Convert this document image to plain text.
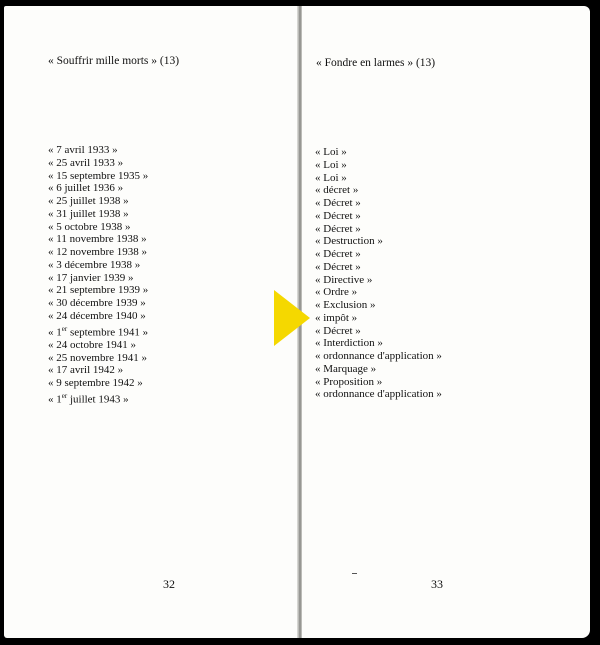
« Souffrir mille morts » (13)
« 7 avril 1933 »
« 25 avril 1933 »
« 15 septembre 1935 »
« 6 juillet 1936 »
« 25 juillet 1938 »
« 31 juillet 1938 »
« 5 octobre 1938 »
« 11 novembre 1938 »
« 12 novembre 1938 »
« 3 décembre 1938 »
« 17 janvier 1939 »
« 21 septembre 1939 »
« 30 décembre 1939 »
« 24 décembre 1940 »
« 1er septembre 1941 »
« 24 octobre 1941 »
« 25 novembre 1941 »
« 17 avril 1942 »
« 9 septembre 1942 »
« 1er juillet 1943 »
32
« Fondre en larmes » (13)
« Loi »
« Loi »
« Loi »
« décret »
« Décret »
« Décret »
« Décret »
« Destruction »
« Décret »
« Décret »
« Directive »
« Ordre »
« Exclusion »
« impôt »
« Décret »
« Interdiction »
« ordonnance d'application »
« Marquage »
« Proposition »
« ordonnance d'application »
33
